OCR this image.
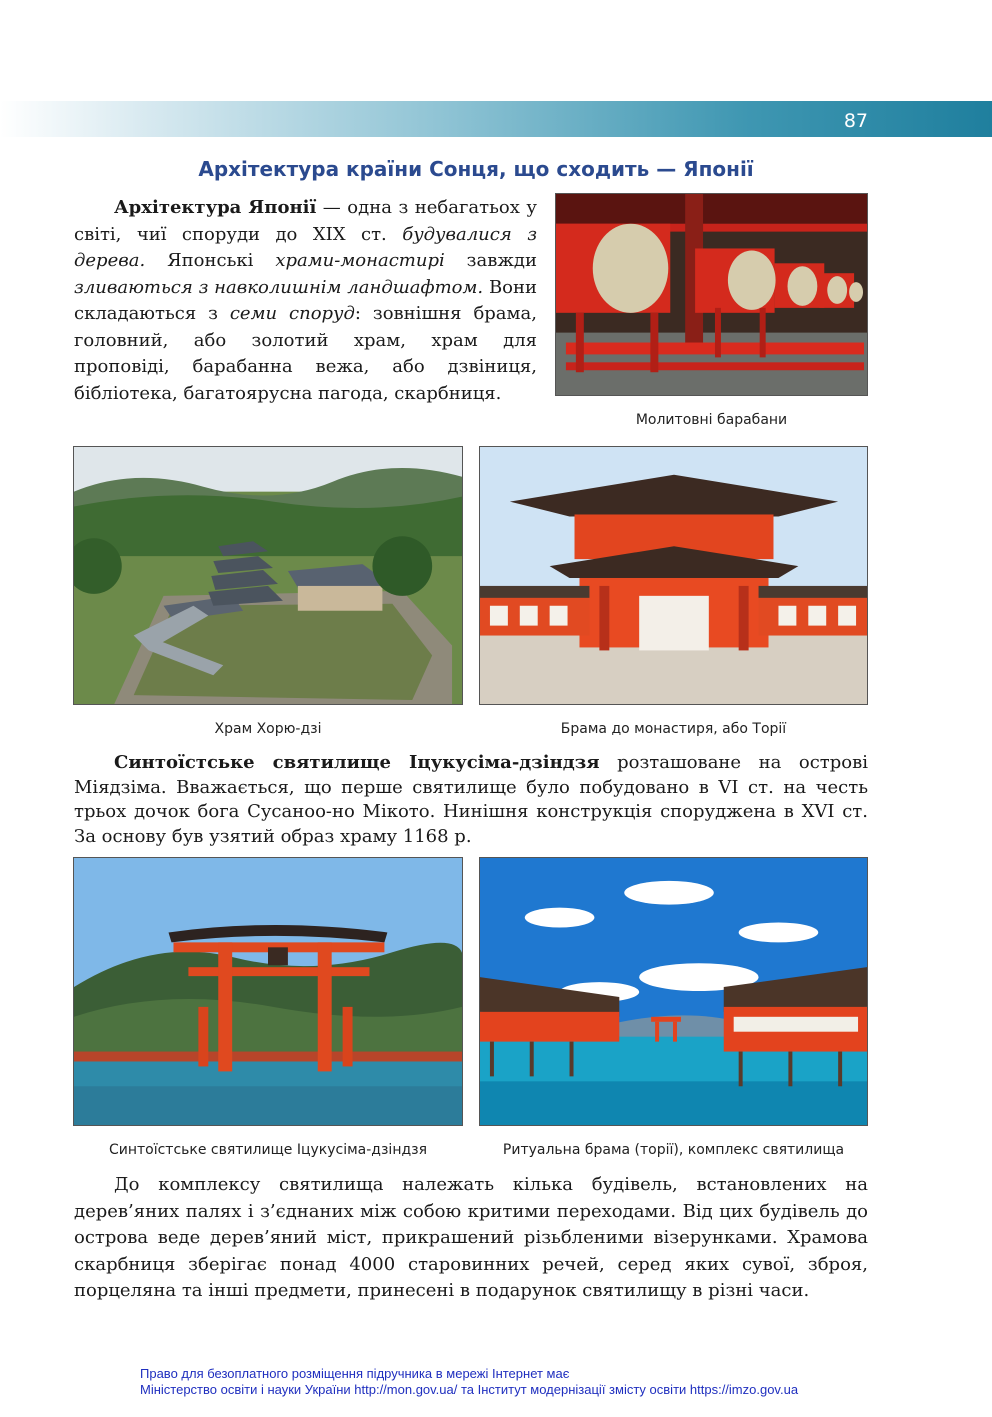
87
Архітектура країни Сонця, що сходить — Японії

Архітектура Японії — одна з небагатьох у світі, чиї споруди до XIX ст. будувалися з дерева. Японські храми-монастирі завжди зливаються з навколишнім ландшафтом. Вони складаються з семи споруд: зовнішня брама, головний, або золотий храм, храм для проповіді, барабанна вежа, або дзвіниця, бібліотека, багатоярусна пагода, скарбниця.

Молитовні барабани
Храм Хорю-дзі	Брама до монастиря, або Торії

Синтоїстське святилище Іцукусіма-дзіндзя розташоване на острові Міядзіма. Вважається, що перше святилище було побудовано в VI ст. на честь трьох дочок бога Сусаноо-но Мікото. Нинішня конструкція споруджена в XVI ст. За основу був узятий образ храму 1168 р.

Синтоїстське святилище Іцукусіма-дзіндзя	Ритуальна брама (торії), комплекс святилища

До комплексу святилища належать кілька будівель, встановлених на дерев’яних палях і з’єднаних між собою критими переходами. Від цих будівель до острова веде дерев’яний міст, прикрашений різьбленими візерунками. Храмова скарбниця зберігає понад 4000 старовинних речей, серед яких сувої, зброя, порцеляна та інші предмети, принесені в подарунок святилищу в різні часи.

Право для безоплатного розміщення підручника в мережі Інтернет має
Міністерство освіти і науки України http://mon.gov.ua/ та Інститут модернізації змісту освіти https://imzo.gov.ua
